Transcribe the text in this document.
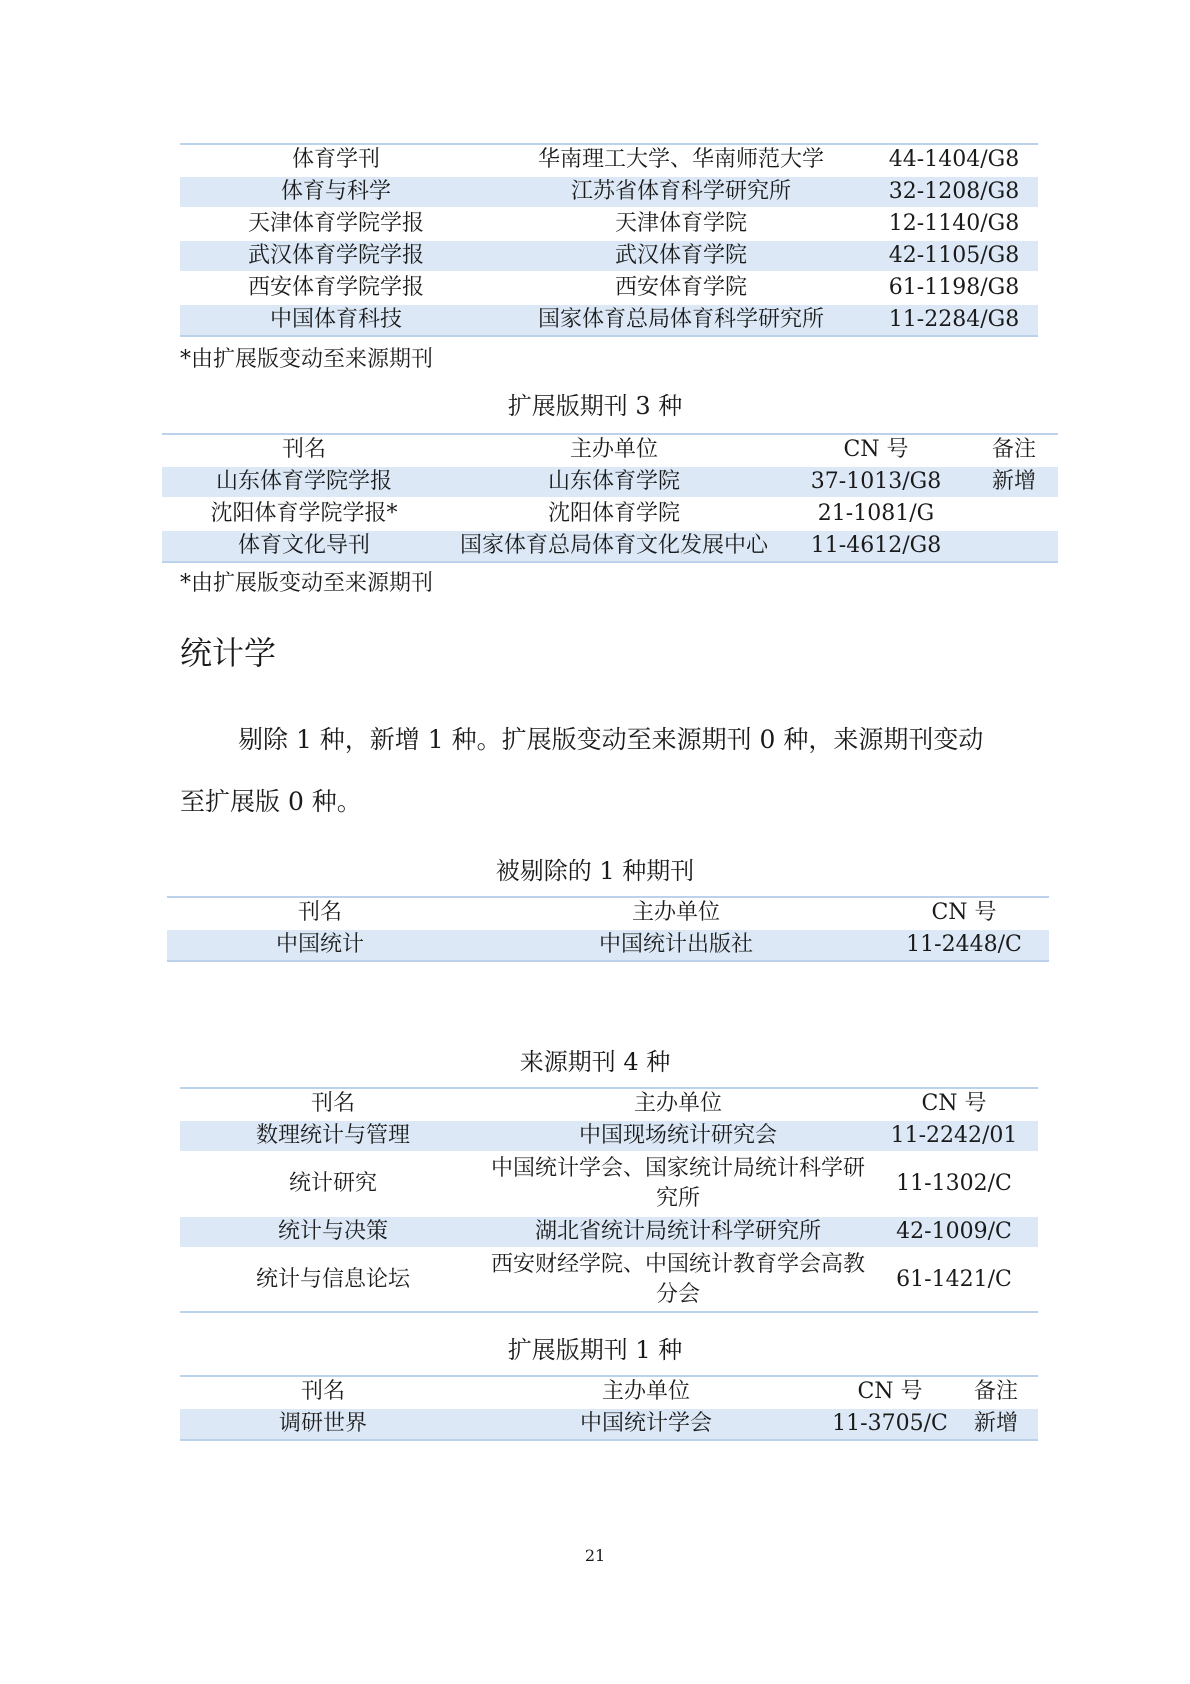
体育学刊	华南理工大学、华南师范大学	44-1404/G8
体育与科学	江苏省体育科学研究所	32-1208/G8
天津体育学院学报	天津体育学院	12-1140/G8
武汉体育学院学报	武汉体育学院	42-1105/G8
西安体育学院学报	西安体育学院	61-1198/G8
中国体育科技	国家体育总局体育科学研究所	11-2284/G8
*由扩展版变动至来源期刊
扩展版期刊 3 种
刊名	主办单位	CN 号	备注
山东体育学院学报	山东体育学院	37-1013/G8	新增
沈阳体育学院学报*	沈阳体育学院	21-1081/G	
体育文化导刊	国家体育总局体育文化发展中心	11-4612/G8	
*由扩展版变动至来源期刊
统计学
剔除 1 种，新增 1 种。扩展版变动至来源期刊 0 种，来源期刊变动
至扩展版 0 种。
被剔除的 1 种期刊
刊名	主办单位	CN 号
中国统计	中国统计出版社	11-2448/C
来源期刊 4 种
刊名	主办单位	CN 号
数理统计与管理	中国现场统计研究会	11-2242/01
统计研究	中国统计学会、国家统计局统计科学研究所	11-1302/C
统计与决策	湖北省统计局统计科学研究所	42-1009/C
统计与信息论坛	西安财经学院、中国统计教育学会高教分会	61-1421/C
扩展版期刊 1 种
刊名	主办单位	CN 号	备注
调研世界	中国统计学会	11-3705/C	新增
21
